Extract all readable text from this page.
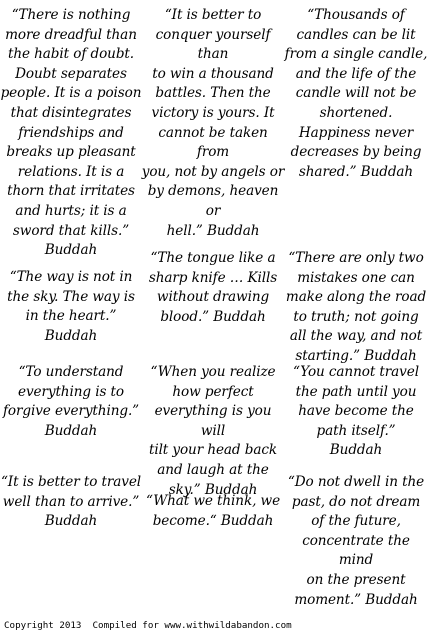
“There is nothing
more dreadful than
the habit of doubt.
Doubt separates
people. It is a poison
that disintegrates
friendships and
breaks up pleasant
relations. It is a
thorn that irritates
and hurts; it is a
sword that kills.”
Buddah
“It is better to
conquer yourself than
to win a thousand
battles. Then the
victory is yours. It
cannot be taken from
you, not by angels or
by demons, heaven or
hell.” Buddah
“Thousands of
candles can be lit
from a single candle,
and the life of the
candle will not be
shortened.
Happiness never
decreases by being
shared.” Buddah
“The way is not in
the sky. The way is
in the heart.”
Buddah
“The tongue like a
sharp knife … Kills
without drawing
blood.” Buddah
“There are only two
mistakes one can
make along the road
to truth; not going
all the way, and not
starting.” Buddah
“To understand
everything is to
forgive everything.”
Buddah
“When you realize
how perfect
everything is you will
tilt your head back
and laugh at the
sky.” Buddah
“You cannot travel
the path until you
have become the
path itself.”
Buddah
“It is better to travel
well than to arrive.”
Buddah
“What we think, we
become.“ Buddah
“Do not dwell in the
past, do not dream
of the future,
concentrate the mind
on the present
moment.” Buddah
Copyright 2013  Compiled for www.withwildabandon.com
